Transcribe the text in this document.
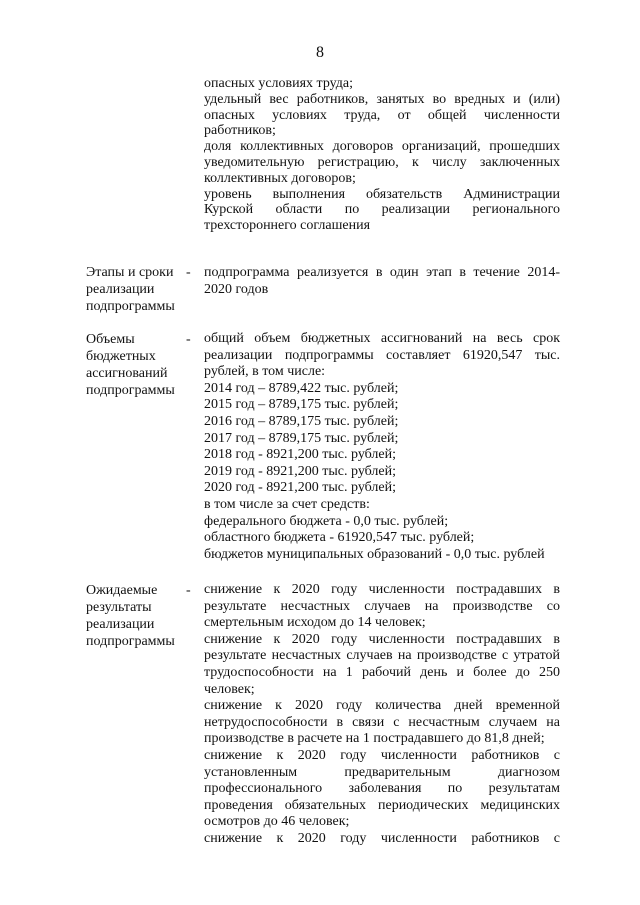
8

опасных условиях труда;

удельный вес работников, занятых во вредных и (или) опасных условиях труда, от общей численности работников;

доля коллективных договоров организаций, прошедших уведомительную регистрацию, к числу заключенных коллективных договоров;

уровень выполнения обязательств Администрации Курской области по реализации регионального трехстороннего соглашения

Этапы и сроки реализации подпрограммы
- подпрограмма реализуется в один этап в течение 2014-2020 годов

Объемы бюджетных ассигнований подпрограммы
- общий объем бюджетных ассигнований на весь срок реализации подпрограммы составляет 61920,547 тыс. рублей, в том числе:

2014 год – 8789,422 тыс. рублей;

2015 год – 8789,175 тыс. рублей;

2016 год – 8789,175 тыс. рублей;

2017 год – 8789,175 тыс. рублей;

2018 год - 8921,200 тыс. рублей;

2019 год - 8921,200 тыс. рублей;

2020 год - 8921,200 тыс. рублей;

в том числе за счет средств:

федерального бюджета - 0,0 тыс. рублей;

областного бюджета - 61920,547 тыс. рублей;

бюджетов муниципальных образований - 0,0 тыс. рублей

Ожидаемые результаты реализации подпрограммы
- снижение к 2020 году численности пострадавших в результате несчастных случаев на производстве со смертельным исходом до 14 человек;

снижение к 2020 году численности пострадавших в результате несчастных случаев на производстве с утратой трудоспособности на 1 рабочий день и более до 250 человек;

снижение к 2020 году количества дней временной нетрудоспособности в связи с несчастным случаем на производстве в расчете на 1 пострадавшего до 81,8 дней;

снижение к 2020 году численности работников с установленным предварительным диагнозом профессионального заболевания по результатам проведения обязательных периодических медицинских осмотров до 46 человек;

снижение к 2020 году численности работников с
